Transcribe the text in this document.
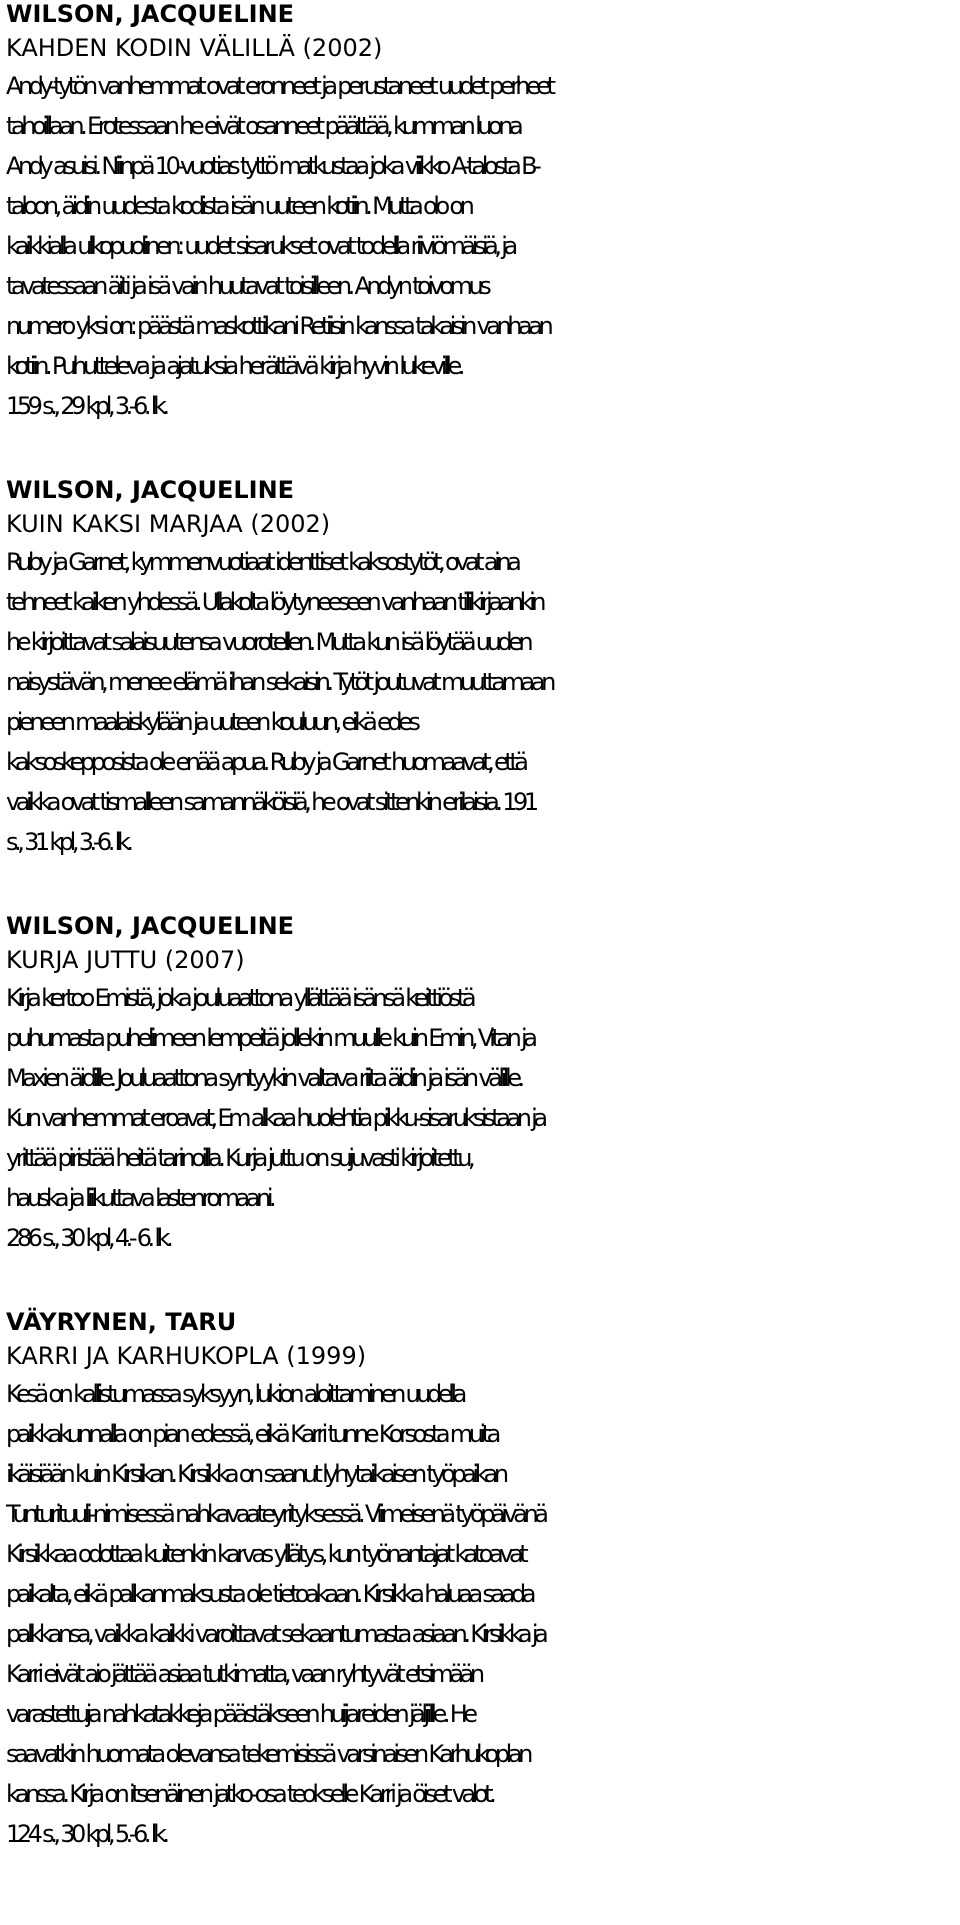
WILSON, JACQUELINE
KAHDEN KODIN VÄLILLÄ (2002)
Andy-tytön vanhemmat ovat eronneet ja perustaneet uudet perheet
tahoillaan. Erotessaan he eivät osanneet päättää, kumman luona
Andy asuisi. Niinpä 10-vuotias tyttö matkustaa joka viikko A-talosta B-
taloon, äidin uudesta kodista isän uuteen kotiin. Mutta olo on
kaikkialla ulkopuolinen: uudet sisarukset ovat todella riiviömäisiä, ja
tavatessaan äiti ja isä vain huutavat toisilleen. Andyn toivomus
numero yksi on: päästä maskottikani Retiisin kanssa takaisin vanhaan
kotiin. Puhutteleva ja ajatuksia herättävä kirja hyvin lukeville.
159 s., 29 kpl, 3.-6. lk.
WILSON, JACQUELINE
KUIN KAKSI MARJAA (2002)
Ruby ja Garnet, kymmenvuotiaat identtiset kaksostytöt, ovat aina
tehneet kaiken yhdessä. Ullakolta löytyneeseen vanhaan tilikirjaankin
he kirjoittavat salaisuutensa vuorotellen. Mutta kun isä löytää uuden
naisystävän, menee elämä ihan sekaisin. Tytöt joutuvat muuttamaan
pieneen maalaiskylään ja uuteen kouluun, eikä edes
kaksoskepposista ole enää apua. Ruby ja Garnet huomaavat, että
vaikka ovat tismalleen samannäköisiä, he ovat sittenkin erilaisia. 191
s., 31 kpl, 3.-6. lk.
WILSON, JACQUELINE
KURJA JUTTU (2007)
Kirja kertoo Emistä, joka jouluaattona yllättää isänsä keittiöstä
puhumasta puhelimeen lempeitä jollekin muulle kuin Emin, Vitan ja
Maxien äidille. Jouluaattona syntyykin valtava riita äidin ja isän välille.
Kun vanhemmat eroavat, Em alkaa huolehtia pikku-sisaruksistaan ja
yrittää piristää heitä tarinoilla. Kurja juttu on sujuvasti kirjoitettu,
hauska ja liikuttava lastenromaani.
286 s., 30 kpl, 4.- 6. lk.
VÄYRYNEN, TARU
KARRI JA KARHUKOPLA (1999)
Kesä on kallistumassa syksyyn, lukion aloittaminen uudella
paikkakunnalla on pian edessä, eikä Karri tunne Korsosta muita
ikäisiään kuin Kirsikan. Kirsikka on saanut lyhytaikaisen työpaikan
Tunturituuli-nimisessä nahkavaateyrityksessä. Viimeisenä työpäivänä
Kirsikkaa odottaa kuitenkin karvas yllätys, kun työnantajat katoavat
paikalta, eikä palkanmaksusta ole tietoakaan. Kirsikka haluaa saada
palkkansa, vaikka kaikki varoittavat sekaantumasta asiaan. Kirsikka ja
Karri eivät aio jättää asiaa tutkimatta, vaan ryhtyvät etsimään
varastettuja nahkatakkeja päästäkseen huijareiden jäljille. He
saavatkin huomata olevansa tekemisissä varsinaisen Karhukoplan
kanssa. Kirja on itsenäinen jatko-osa teokselle Karri ja öiset valot.
124 s., 30 kpl, 5.-6. lk.
